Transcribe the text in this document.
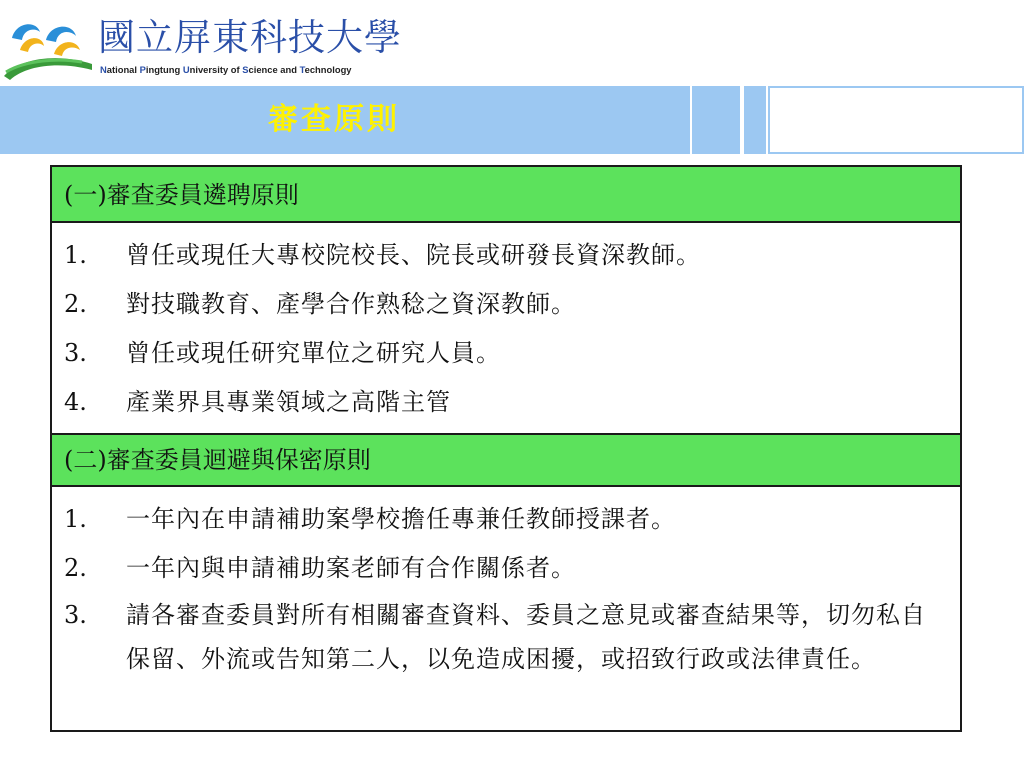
國立屏東科技大學
National Pingtung University of Science and Technology
審查原則
(一)審查委員遴聘原則
1.	曾任或現任大專校院校長、院長或研發長資深教師。
2.	對技職教育、產學合作熟稔之資深教師。
3.	曾任或現任研究單位之研究人員。
4.	產業界具專業領域之高階主管
(二)審查委員迴避與保密原則
1.	一年內在申請補助案學校擔任專兼任教師授課者。
2.	一年內與申請補助案老師有合作關係者。
3.	請各審查委員對所有相關審查資料、委員之意見或審查結果等，切勿私自保留、外流或告知第二人，以免造成困擾，或招致行政或法律責任。
